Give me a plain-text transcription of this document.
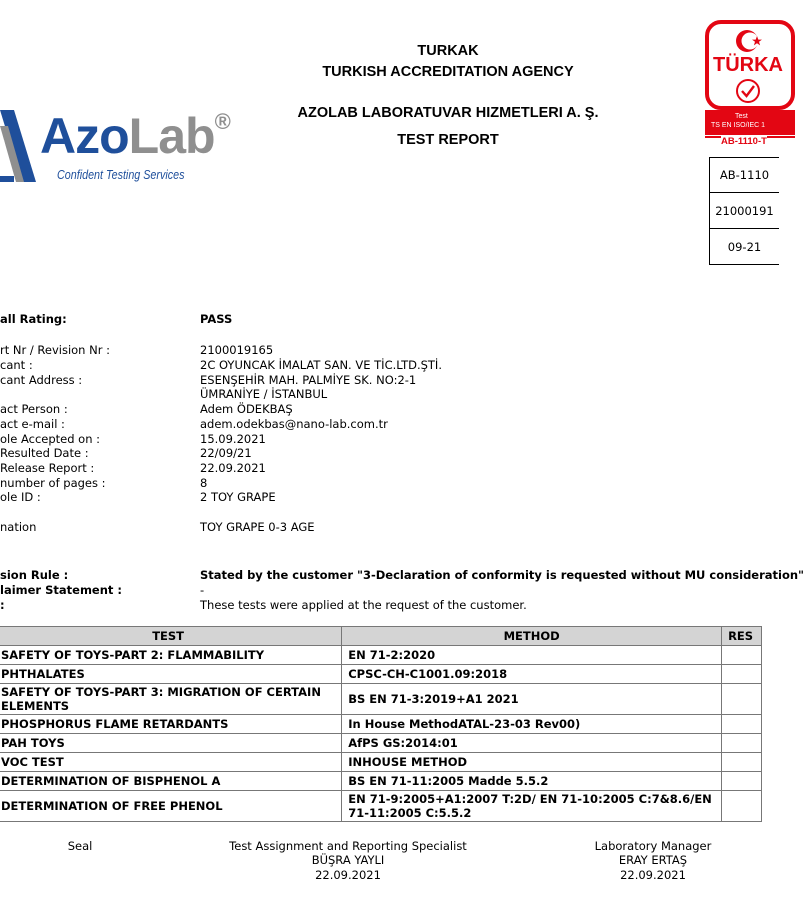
TURKAK
TURKISH ACCREDITATION AGENCY
AZOLAB LABORATUVAR HIZMETLERI A. Ş.
TEST REPORT
AzoLab®
Confident Testing Services
TÜRKA
Test
TS EN ISO/IEC 1
AB-1110-T
AB-1110
21000191
09-21
all Rating:	PASS
rt Nr / Revision Nr :	2100019165
cant :	2C OYUNCAK İMALAT SAN. VE TİC.LTD.ŞTİ.
cant Address :	ESENŞEHİR MAH. PALMİYE SK. NO:2-1
ÜMRANİYE / İSTANBUL
act Person :	Adem ÖDEKBAŞ
act e-mail :	adem.odekbas@nano-lab.com.tr
ole Accepted on :	15.09.2021
Resulted Date :	22/09/21
Release Report :	22.09.2021
number of pages :	8
ole ID :	2 TOY GRAPE
nation	TOY GRAPE 0-3 AGE
sion Rule :	Stated by the customer "3-Declaration of conformity is requested without MU consideration"
laimer Statement :	-
:	These tests were applied at the request of the customer.
TEST	METHOD	RES
SAFETY OF TOYS-PART 2: FLAMMABILITY	EN 71-2:2020	
PHTHALATES	CPSC-CH-C1001.09:2018	
SAFETY OF TOYS-PART 3: MIGRATION OF CERTAIN ELEMENTS	BS EN 71-3:2019+A1 2021	
PHOSPHORUS FLAME RETARDANTS	In House MethodATAL-23-03 Rev00)	
PAH TOYS	AfPS GS:2014:01	
VOC TEST	INHOUSE METHOD	
DETERMINATION OF BISPHENOL A	BS EN 71-11:2005 Madde 5.5.2	
DETERMINATION OF FREE PHENOL	EN 71-9:2005+A1:2007 T:2D/ EN 71-10:2005 C:7&8.6/EN 71-11:2005 C:5.5.2	
Seal	Test Assignment and Reporting Specialist
BÜŞRA YAYLI
22.09.2021
Laboratory Manager
ERAY ERTAŞ
22.09.2021
